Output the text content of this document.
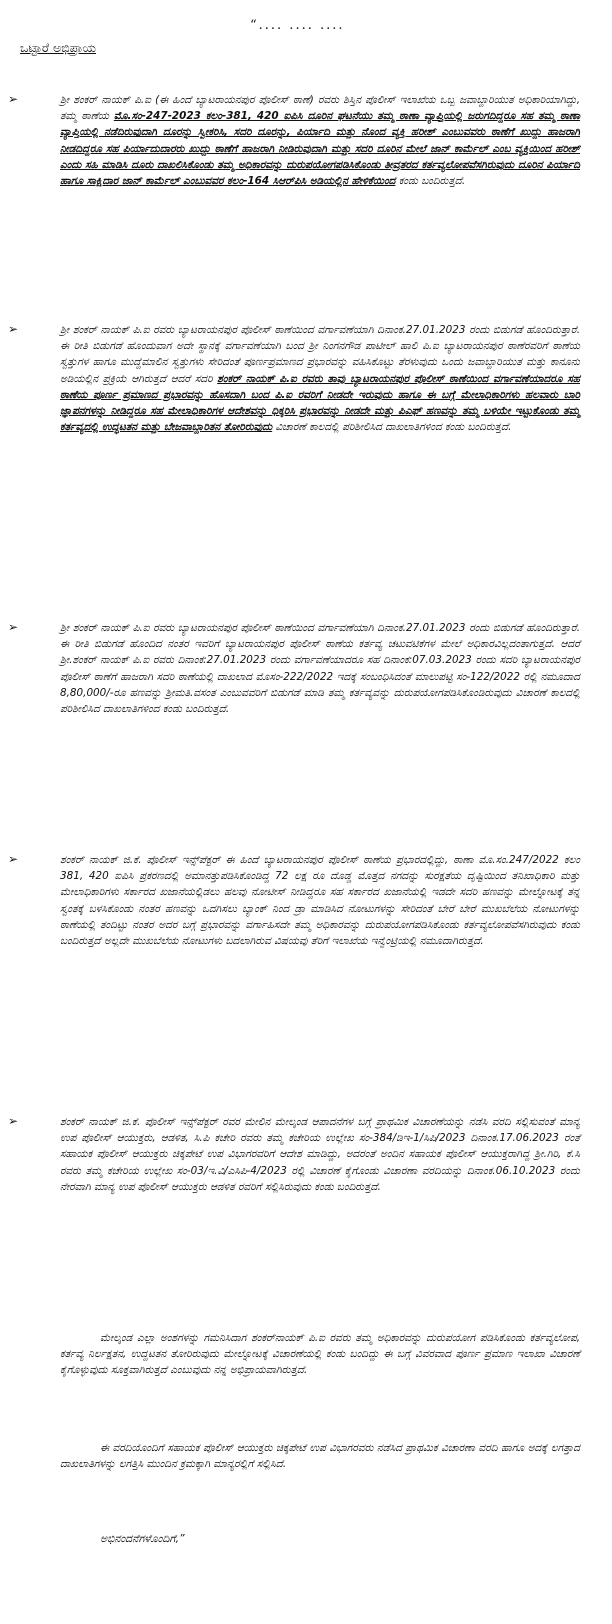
“.... .... ....
ಒಟ್ಟಾರೆ ಅಭಿಪ್ರಾಯ
➢	ಶ್ರೀ ಶಂಕರ್ ನಾಯಕ್ ಪಿ.ಐ (ಈ ಹಿಂದೆ ಬ್ಯಾಟರಾಯನಪುರ ಪೊಲೀಸ್ ಠಾಣೆ) ರವರು ಶಿಸ್ತಿನ ಪೊಲೀಸ್ ಇಲಾಖೆಯ ಒಬ್ಬ ಜವಾಬ್ದಾರಿಯುತ ಅಧಿಕಾರಿಯಾಗಿದ್ದು, ತಮ್ಮ ಠಾಣೆಯ ಮೊ.ಸಂ-247-2023 ಕಲಂ-381, 420 ಐಪಿಸಿ ದೂರಿನ ಘಟನೆಯು ತಮ್ಮ ಠಾಣಾ ವ್ಯಾಪ್ತಿಯಲ್ಲಿ ಜರುಗದಿದ್ದರೂ ಸಹ ತಮ್ಮ ಠಾಣಾ ವ್ಯಾಪ್ತಿಯಲ್ಲಿ ನಡೆದಿರುವುದಾಗಿ ದೂರನ್ನು ಸ್ವೀಕರಿಸಿ, ಸದರಿ ದೂರನ್ನು, ಪಿರ್ಯಾದಿ ಮತ್ತು ನೊಂದ ವ್ಯಕ್ತಿ ಹರೀಶ್ ಎಂಬುವವರು ಠಾಣೆಗೆ ಖುದ್ದು ಹಾಜರಾಗಿ ನೀಡದಿದ್ದರೂ ಸಹ ಪಿರ್ಯಾದುದಾರರು ಖುದ್ದು ಠಾಣೆಗೆ ಹಾಜರಾಗಿ ನೀಡಿರುವುದಾಗಿ ಮತ್ತು ಸದರಿ ದೂರಿನ ಮೇಲೆ ಜಾನ್ ಕಾರ್ಮೆಲ್ ಎಂಬ ವ್ಯಕ್ತಿಯಿಂದ ಹರೀಶ್ ಎಂದು ಸಹಿ ಮಾಡಿಸಿ ದೂರು ದಾಖಲಿಸಿಕೊಂಡು ತಮ್ಮ ಅಧಿಕಾರವನ್ನು ದುರುಪಯೋಗಪಡಿಸಿಕೊಂಡು ತೀವ್ರತರದ ಕರ್ತವ್ಯಲೋಪವೆಸಗಿರುವುದು ದೂರಿನ ಪಿರ್ಯಾದಿ ಹಾಗೂ ಸಾಕ್ಷಿದಾರ ಜಾನ್ ಕಾರ್ಮೆಲ್ ಎಂಬುವವರ ಕಲಂ-164 ಸಿಆರ್‌ಪಿಸಿ ಅಡಿಯಲ್ಲಿನ ಹೇಳಿಕೆಯಿಂದ ಕಂಡು ಬಂದಿರುತ್ತದೆ.

➢	ಶ್ರೀ ಶಂಕರ್ ನಾಯಕ್ ಪಿ.ಐ ರವರು ಬ್ಯಾಟರಾಯನಪುರ ಪೊಲೀಸ್ ಠಾಣೆಯಿಂದ ವರ್ಗಾವಣೆಯಾಗಿ ದಿನಾಂಕ.27.01.2023 ರಂದು ಬಿಡುಗಡೆ ಹೊಂದಿರುತ್ತಾರೆ. ಈ ರೀತಿ ಬಿಡುಗಡೆ ಹೊಂದುವಾಗ ಅದೇ ಸ್ಥಾನಕ್ಕೆ ವರ್ಗಾವಣೆಯಾಗಿ ಬಂದ ಶ್ರೀ ನಿಂಗನಗೌಡ ಪಾಟೀಲ್ ಹಾಲಿ ಪಿ.ಐ ಬ್ಯಾಟರಾಯನಪುರ ಠಾಣೆರವರಿಗೆ ಠಾಣೆಯ ಸ್ವತ್ತುಗಳ ಹಾಗೂ ಮುದ್ದೆಮಾಲಿನ ಸ್ವತ್ತುಗಳು ಸೇರಿದಂತೆ ಪೂರ್ಣಪ್ರಮಾಣದ ಪ್ರಭಾರವನ್ನು ವಹಿಸಿಕೊಟ್ಟು ತೆರಳುವುದು ಒಂದು ಜವಾಬ್ದಾರಿಯುತ ಮತ್ತು ಕಾನೂನು ಅಡಿಯಲ್ಲಿನ ಪ್ರಕ್ರಿಯೆ ಆಗಿರುತ್ತದೆ ಆದರೆ ಸದರಿ ಶಂಕರ್ ನಾಯಕ್ ಪಿ.ಐ ರವರು ತಾವು ಬ್ಯಾಟರಾಯನಪುರ ಪೊಲೀಸ್ ಠಾಣೆಯಿಂದ ವರ್ಗಾವಣೆಯಾದರೂ ಸಹ ಠಾಣೆಯ ಪೂರ್ಣ ಪ್ರಮಾಣದ ಪ್ರಭಾರವನ್ನು ಹೊಸದಾಗಿ ಬಂದ ಪಿ.ಐ ರವರಿಗೆ ನೀಡದೇ ಇರುವುದು ಹಾಗೂ ಈ ಬಗ್ಗೆ ಮೇಲಾಧಿಕಾರಿಗಳು ಹಲವಾರು ಬಾರಿ ಜ್ಞಾಪನಗಳನ್ನು ನೀಡಿದ್ದರೂ ಸಹ ಮೇಲಾಧಿಕಾರಿಗಳ ಆದೇಶವನ್ನು ಧಿಕ್ಕರಿಸಿ ಪ್ರಭಾರವನ್ನು ನೀಡದೇ ಮತ್ತು ಪಿಎಫ್ ಹಣವನ್ನು ತಮ್ಮ ಬಳಿಯೇ ಇಟ್ಟುಕೊಂಡು ತಮ್ಮ ಕರ್ತವ್ಯದಲ್ಲಿ ಉದ್ಧಟತನ ಮತ್ತು ಬೇಜವಾಬ್ದಾರಿತನ ತೋರಿರುವುದು ವಿಚಾರಣೆ ಕಾಲದಲ್ಲಿ ಪರಿಶೀಲಿಸಿದ ದಾಖಲಾತಿಗಳಿಂದ ಕಂಡು ಬಂದಿರುತ್ತದೆ.

➢	ಶ್ರೀ ಶಂಕರ್ ನಾಯಕ್ ಪಿ.ಐ ರವರು ಬ್ಯಾಟರಾಯನಪುರ ಪೊಲೀಸ್ ಠಾಣೆಯಿಂದ ವರ್ಗಾವಣೆಯಾಗಿ ದಿನಾಂಕ.27.01.2023 ರಂದು ಬಿಡುಗಡೆ ಹೊಂದಿರುತ್ತಾರೆ. ಈ ರೀತಿ ಬಿಡುಗಡೆ ಹೊಂದಿದ ನಂತರ ಇವರಿಗೆ ಬ್ಯಾಟರಾಯನಪುರ ಪೊಲೀಸ್ ಠಾಣೆಯ ಕರ್ತವ್ಯ ಚಟುವಟಿಕೆಗಳ ಮೇಲೆ ಅಧಿಕಾರವಿಲ್ಲದಂತಾಗುತ್ತದೆ. ಆದರೆ ಶ್ರೀ.ಶಂಕರ್ ನಾಯಕ್ ಪಿ.ಐ ರವರು ದಿನಾಂಕ:27.01.2023 ರಂದು ವರ್ಗಾವಣೆಯಾದರೂ ಸಹ ದಿನಾಂಕ:07.03.2023 ರಂದು ಸದರಿ ಬ್ಯಾಟರಾಯನಪುರ ಪೊಲೀಸ್ ಠಾಣೆಗೆ ಹಾಜರಾಗಿ ಸದರಿ ಠಾಣೆಯಲ್ಲಿ ದಾಖಲಾದ ಮೊಸಂ-222/2022 ಇದಕ್ಕೆ ಸಂಬಂಧಿಸಿದಂತೆ ಮಾಲುಪಟ್ಟಿ ಸಂ-122/2022 ರಲ್ಲಿ ನಮೂದಾದ 8,80,000/-ರೂ ಹಣವನ್ನು ಶ್ರೀಮತಿ.ವಸಂತ ಎಂಬುವವರಿಗೆ ಬಿಡುಗಡೆ ಮಾಡಿ ತಮ್ಮ ಕರ್ತವ್ಯವನ್ನು ದುರುಪಯೋಗಪಡಿಸಿಕೊಂಡಿರುವುದು ವಿಚಾರಣೆ ಕಾಲದಲ್ಲಿ ಪರಿಶೀಲಿಸಿದ ದಾಖಲಾತಿಗಳಿಂದ ಕಂಡು ಬಂದಿರುತ್ತದೆ.

➢	ಶಂಕರ್ ನಾಯಕ್ ಜಿ.ಕೆ. ಪೊಲೀಸ್ ಇನ್ಸ್‌ಪೆಕ್ಟರ್ ಈ ಹಿಂದೆ ಬ್ಯಾಟರಾಯನಪುರ ಪೊಲೀಸ್ ಠಾಣೆಯ ಪ್ರಭಾರದಲ್ಲಿದ್ದು, ಠಾಣಾ ಮೊ.ಸಂ.247/2022 ಕಲಂ 381, 420 ಐಪಿಸಿ ಪ್ರಕರಣದಲ್ಲಿ ಅಮಾನತ್ತುಪಡಿಸಿಕೊಂಡಿದ್ದ 72 ಲಕ್ಷ ರೂ ದೊಡ್ಡ ಮೊತ್ತದ ನಗದನ್ನು ಸುರಕ್ಷತೆಯ ದೃಷ್ಟಿಯಿಂದ ತನಿಖಾಧಿಕಾರಿ ಮತ್ತು ಮೇಲಾಧಿಕಾರಿಗಳು ಸರ್ಕಾರದ ಖಜಾನೆಯಲ್ಲಿಡಲು ಹಲವು ನೋಟೀಸ್ ನೀಡಿದ್ದರೂ ಸಹ ಸರ್ಕಾರದ ಖಜಾನೆಯಲ್ಲಿ ಇಡದೇ ಸದರಿ ಹಣವನ್ನು ಮೇಲ್ನೋಟಕ್ಕೆ ತನ್ನ ಸ್ವಂತಕ್ಕೆ ಬಳಸಿಕೊಂಡು ನಂತರ ಹಣವನ್ನು ಒದಗಿಸಲು ಬ್ಯಾಂಕ್ ನಿಂದ ಡ್ರಾ ಮಾಡಿಸಿದ ನೋಟುಗಳನ್ನು ಸೇರಿದಂತೆ ಬೇರೆ ಬೇರೆ ಮುಖಬೆಲೆಯ ನೋಟುಗಳನ್ನು ಠಾಣೆಯಲ್ಲಿ ತಂದಿಟ್ಟು ನಂತರ ಅದರ ಬಗ್ಗೆ ಪ್ರಭಾರವನ್ನು ವರ್ಗಾಹಿಸದೇ ತಮ್ಮ ಅಧಿಕಾರವನ್ನು ದುರುಪಯೋಗಪಡಿಸಿಕೊಂಡು ಕರ್ತವ್ಯಲೋಪವೆಸಗಿರುವುದು ಕಂಡು ಬಂದಿರುತ್ತದೆ ಅಲ್ಲದೇ ಮುಖಬೆಲೆಯ ನೋಟುಗಳು ಬದಲಾಗಿರುವ ವಿಷಯವು ತೆರಿಗೆ ಇಲಾಖೆಯ ಇನ್ವೆಂಟ್ರಿಯಲ್ಲಿ ನಮೂದಾಗಿರುತ್ತದೆ.

➢	ಶಂಕರ್ ನಾಯಕ್ ಜಿ.ಕೆ. ಪೊಲೀಸ್ ಇನ್ಸ್‌ಪೆಕ್ಟರ್ ರವರ ಮೇಲಿನ ಮೇಲ್ಕಂಡ ಆಪಾದನೆಗಳ ಬಗ್ಗೆ ಪ್ರಾಥಮಿಕ ವಿಚಾರಣೆಯನ್ನು ನಡೆಸಿ ವರದಿ ಸಲ್ಲಿಸುವಂತೆ ಮಾನ್ಯ ಉಪ ಪೊಲೀಸ್ ಆಯುಕ್ತರು, ಆಡಳಿತ, ಸಿ.ಪಿ ಕಚೇರಿ ರವರು ತಮ್ಮ ಕಚೇರಿಯ ಉಲ್ಲೇಖ ಸಂ-384/ಡಿಇ-1/ಸಿಪಿ/2023 ದಿನಾಂಕ.17.06.2023 ರಂತೆ ಸಹಾಯಕ ಪೊಲೀಸ್ ಆಯುಕ್ತರು ಚಿಕ್ಕಪೇಟೆ ಉಪ ವಿಭಾಗರವರಿಗೆ ಆದೇಶ ಮಾಡಿದ್ದು, ಅದರಂತೆ ಅಂದಿನ ಸಹಾಯಕ ಪೊಲೀಸ್ ಆಯುಕ್ತರಾಗಿದ್ದ ಶ್ರೀ.ಗಿರಿ, ಕೆ.ಸಿ ರವರು ತಮ್ಮ ಕಚೇರಿಯ ಉಲ್ಲೇಖ ಸಂ-03/ಇ.ವಿ/ಎಸಿಪಿ-4/2023 ರಲ್ಲಿ ವಿಚಾರಣೆ ಕೈಗೊಂಡು ವಿಚಾರಣಾ ವರದಿಯನ್ನು ದಿನಾಂಕ.06.10.2023 ರಂದು ನೇರವಾಗಿ ಮಾನ್ಯ ಉಪ ಪೊಲೀಸ್ ಆಯುಕ್ತರು ಆಡಳಿತ ರವರಿಗೆ ಸಲ್ಲಿಸಿರುವುದು ಕಂಡು ಬಂದಿರುತ್ತದೆ.

ಮೇಲ್ಕಂಡ ಎಲ್ಲಾ ಅಂಶಗಳನ್ನು ಗಮನಿಸಿದಾಗ ಶಂಕರ್‌ನಾಯಕ್ ಪಿ.ಐ ರವರು ತಮ್ಮ ಅಧಿಕಾರವನ್ನು ದುರುಪಯೋಗ ಪಡಿಸಿಕೊಂಡು ಕರ್ತವ್ಯಲೋಪ, ಕರ್ತವ್ಯ ನಿರ್ಲಕ್ಷತನ, ಉದ್ದಟತನ ತೋರಿರುವುದು ಮೇಲ್ನೋಟಕ್ಕೆ ವಿಚಾರಣೆಯಲ್ಲಿ ಕಂಡು ಬಂದಿದ್ದು ಈ ಬಗ್ಗೆ ವಿವರವಾದ ಪೂರ್ಣ ಪ್ರಮಾಣ ಇಲಾಖಾ ವಿಚಾರಣೆ ಕೈಗೊಳ್ಳುವುದು ಸೂಕ್ತವಾಗಿರುತ್ತದೆ ಎಂಬುವುದು ನನ್ನ ಅಭಿಪ್ರಾಯವಾಗಿರುತ್ತದೆ.

ಈ ವರದಿಯೊಂದಿಗೆ ಸಹಾಯಕ ಪೊಲೀಸ್ ಆಯುಕ್ತರು ಚಿಕ್ಕಪೇಟೆ ಉಪ ವಿಭಾಗರವರು ನಡೆಸಿದ ಪ್ರಾಥಮಿಕ ವಿಚಾರಣಾ ವರದಿ ಹಾಗೂ ಅದಕ್ಕೆ ಲಗತ್ತಾದ ದಾಖಲಾತಿಗಳನ್ನು ಲಗತ್ತಿಸಿ ಮುಂದಿನ ಕ್ರಮಕ್ಕಾಗಿ ಮಾನ್ಯರಲ್ಲಿಗೆ ಸಲ್ಲಿಸಿದೆ.

ಅಭಿನಂದನೆಗಳೊಂದಿಗೆ,”
